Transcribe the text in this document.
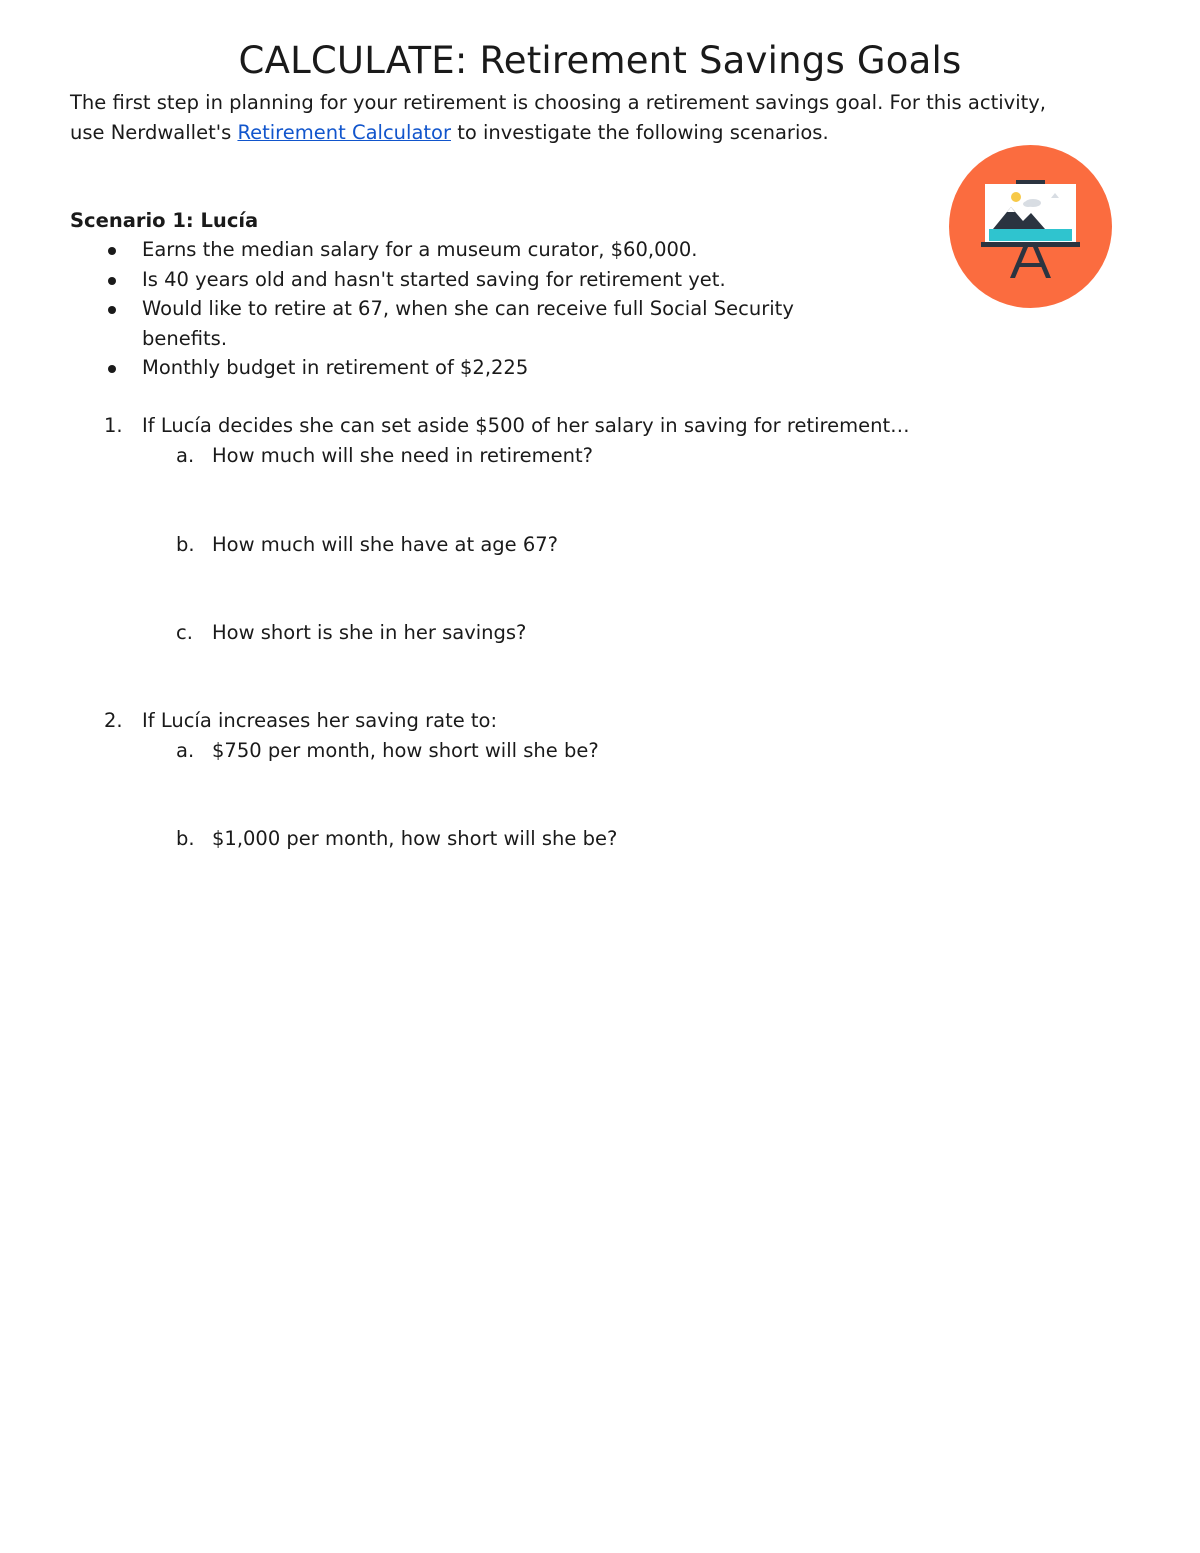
CALCULATE: Retirement Savings Goals

The first step in planning for your retirement is choosing a retirement savings goal. For this activity, use Nerdwallet's Retirement Calculator to investigate the following scenarios.

Scenario 1: Lucía
Earns the median salary for a museum curator, $60,000.
Is 40 years old and hasn't started saving for retirement yet.
Would like to retire at 67, when she can receive full Social Security benefits.
Monthly budget in retirement of $2,225

1. If Lucía decides she can set aside $500 of her salary in saving for retirement…

a. How much will she need in retirement?

b. How much will she have at age 67?

c. How short is she in her savings?

2. If Lucía increases her saving rate to:

a. $750 per month, how short will she be?

b. $1,000 per month, how short will she be?
